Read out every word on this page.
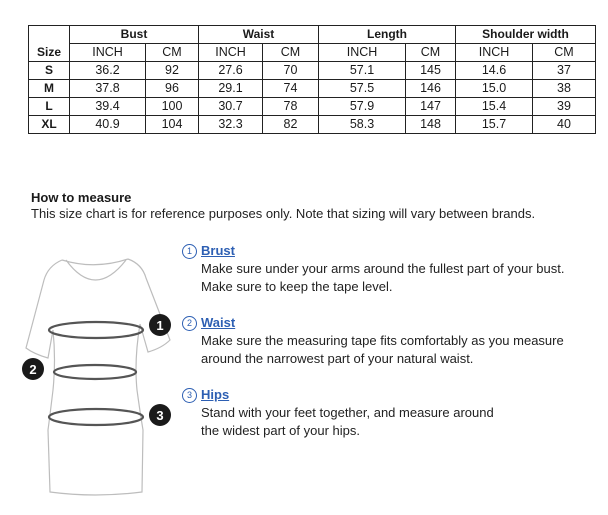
Size	Bust		Waist		Length		Shoulder width	
	INCH	CM	INCH	CM	INCH	CM	INCH	CM
S	36.2	92	27.6	70	57.1	145	14.6	37
M	37.8	96	29.1	74	57.5	146	15.0	38
L	39.4	100	30.7	78	57.9	147	15.4	39
XL	40.9	104	32.3	82	58.3	148	15.7	40
How to measure
This size chart is for reference purposes only. Note that sizing will vary between brands.
1
2
3
1 Brust
Make sure under your arms around the fullest part of your bust.
Make sure to keep the tape level.
2 Waist
Make sure the measuring tape fits comfortably as you measure
around the narrowest part of your natural waist.
3 Hips
Stand with your feet together, and measure around
the widest part of your hips.
